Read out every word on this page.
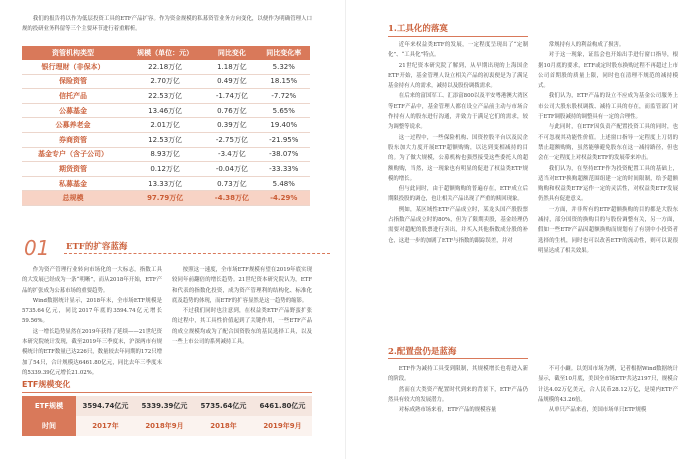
我们的报告将以作为低层投资工具的ETF产品扩容。作为资金规模的私募资管业务方向变化，以便作为明确管理人口规的投研业务科留等三个主要环节进行着重解析。

资管机构类型	规模（单位：元）	同比变化	同比变化率
银行理财（非保本）	22.18万亿	1.18万亿	5.32%
保险资管	2.70万亿	0.49万亿	18.15%
信托产品	22.53万亿	-1.74万亿	-7.72%
公募基金	13.46万亿	0.76万亿	5.65%
公募养老金	2.01万亿	0.39万亿	19.40%
券商资管	12.53万亿	-2.75万亿	-21.95%
基金专户（含子公司）	8.93万亿	-3.4万亿	-38.07%
期货资管	0.12万亿	-0.04万亿	-33.33%
私募基金	13.33万亿	0.73万亿	5.48%
总规模	97.79万亿	-4.38万亿	-4.29%
01 ETF的扩容蓝海

作为资产管理行业转向市场化的一大标志，指数工具的大发展已经成为一条“明晰”，而从2018年开始，ETF产品的扩张成为公募市场的重要趋势。

Wind数据统计显示，2018年末，全市场ETF规模是5735.64亿元，同比2017年底的3594.74亿元增长59.56%。

这一增长趋势显然在2019年获得了延续——21世纪资本研究院统计发现，截至2019年三季度末，沪深两市有规模统计的ETF数量已达226只，数量较去年同期的172只增加了54只，合计规模达6461.80亿元，同比去年三季度末的5339.39亿元增长21.02%。

按照这一速度，全市场ETF规模有望在2019年底实现较同年前翻倍的增长趋势。21世纪资本研究院认为，ETF和代表的指数化投资，成为资产管理利的结构化、标准化底及趋势的体现，而ETF的扩容显然是这一趋势的缩影。

不过我们同时也注意到，在权益类ETF产品野蛮扩张的过程中，其工具性价值起到了关键作用，一些ETF产品的成立规模均或为了配合国资股东的基民选择工具，以及一些上市公司的系列减持工具。

ETF规模变化
ETF规模	3594.74亿元	5339.39亿元	5735.64亿元	6461.80亿元
时间	2017年	2018年9月	2018年	2019年9月
1.工具化的落寞

近年来权益类ETF的发展，一定程度呈现出了“定制化”、“工具化”特点。

21世纪资本研究院了解到，从早期出现的上海国企ETF开始，基金管理人设立相关产品的初衷便是为了满足基金持有人的需求，减持以及股份调拨需求。

在后来的富国军工、汇添富800以及平安粤港澳大湾区等ETF产品中，基金管理人都在设立产品前主动与市场合作持有人的股东进行沟通，并致力于满足它们的需求，较为调整等说求。

这一过程中，一些保险机构、国资控股平台以及民企股东加大力度开展ETF超额购购，以达到变相减持的目的。为了做大规模，公募机构也强烈接受这些委托人的超额购购，当然，这一现象也有明显的促进了权益类ETF规模的增长。

但与此同时，由于超额购购的普遍存在，ETF成立后期限投股的调仓，也让相关产品出现了严重的赎回现象。

例如，某区域性ETF产品成立时，某龙头国产股股票占指数产品成立时的80%，但为了限期卖股，基金经理仍需要对超配的股票进行卖出，并买入其他指数成分股的补仓，这进一步的加剧了ETF与指数的跟踪误差，并对

常规持有人的利益构成了损害。

对于这一现象，证监会也开始出手进行窗口指导，根据10月底的要求，ETF或定时股东换购过程不再超过上市公司首期股的质量上限，同时也在清理不规范的减持模式。

我们认为，ETF产品的设立不应成为基金公司服务上市公司大股东股权调拨、减持工具的存在，而监管部门对于ETF调股减持的调整具有一定的合理性。

与此同时，在ETF因负责产配置投资工具的同时，也不可忽视其功能性价值。上述窗口指导一定程度上刀切的禁止超额购购，虽然能够避免股东在这一减持路径，但也会在一定程度上对权益类ETF的发展带来冲击。

我们认为，在坚持ETF作为投资配置工具的基础上，适当对ETF换购超额范围组建一定的时间限制，给予超额购购和权益类ETF运作一定的灵活性，对权益类ETF发展仍然具有促进意义。

一方面，并非所有的ETF超额换购的目的都是大股东减持，部分国资的换购目的与股份调整有关，另一方面，假如一些ETF产品因超额换购而规划有了有别中小投资者选择的生机，同时也可以改善ETF的流动性，则可以说很明显达成了相关效果。

2.配置盘仍是蓝海

ETF作为减持工具受到限制，其规模增长也将进入新的阶段。

然而在大类资产配置时代到来的背景下，ETF产品仍然具有较大的发展潜力。

对标成熟市场来看，ETF产品的规模容量

不可小觑。以美国市场为例，记者根据Wind数据统计显示，截至10月底，美国全市场ETF共达2197只，规模合计达4.02万亿美元，合人民币28.12万亿，是境内ETF产品规模的43.26倍。

从单只产品来看，美国市场单只ETF规模
